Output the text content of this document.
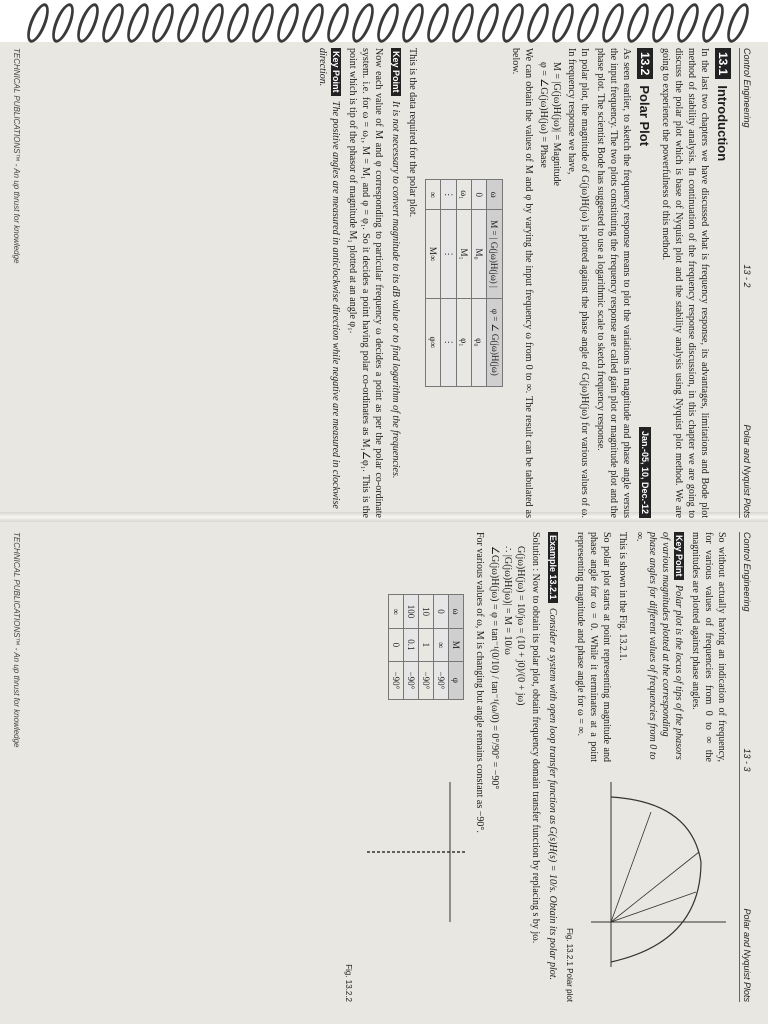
Control Engineering
13 - 2
Polar and Nyquist Plots
13.1
Introduction

In the last two chapters we have discussed what is frequency response, its advantages, limitations and Bode plot method of stability analysis. In continuation of the frequency response discussion, in this chapter we are going to discuss the polar plot which is base of Nyquist plot and the stability analysis using Nyquist plot method. We are going to experience the powerfulness of this method.

13.2
Polar Plot
Jan.-05, 10, Dec.-12

As seen earlier, to sketch the frequency response means to plot the variations in magnitude and phase angle versus the input frequency. The two plots constituting the frequency response are called gain plot or magnitude plot and the phase plot. The scientist Bode has suggested to use a logarithmic scale to sketch frequency response.

In polar plot, the magnitude of G(jω)H(jω) is plotted against the phase angle of G(jω)H(jω) for various values of ω. In frequency response we have,

M = |G(jω)H(jω)| = Magnitude
φ = ∠G(jω)H(jω) = Phase

We can obtain the values of M and φ by varying the input frequency ω from 0 to ∞. The result can be tabulated as below.

ω	M = | G(jω)H(jω) |	φ = ∠ G(jω)H(jω)
0	M₀	φ₀
ω₁	M₁	φ₁
⋮	⋮	⋮
∞	M∞	φ∞

This is the data required for the polar plot.

Key Point It is not necessary to convert magnitude to its dB value or to find logarithm of the frequencies.

Now each value of M and φ corresponding to particular frequency ω decides a point as per the polar co-ordinate system. i.e. for ω = ω₁, M = M₁ and φ = φ₁. So it decides a point having polar co-ordinates as M₁∠φ₁. This is the point which is tip of the phasor of magnitude M₁ plotted at an angle φ₁.

Key Point The positive angles are measured in anticlockwise direction while negative are measured in clockwise direction.
TECHNICAL PUBLICATIONS™ - An up thrust for knowledge
Control Engineering
13 - 3
Polar and Nyquist Plots

So without actually having an indication of frequency, for various values of frequencies from 0 to ∞ the magnitudes are plotted against phase angles.

Key Point Polar plot is the locus of tips of the phasors of various magnitudes plotted at the corresponding phase angles for different values of frequencies from 0 to ∞.

This is shown in the Fig. 13.2.1.

So polar plot starts at point representing magnitude and phase angle for ω = 0. While it terminates at a point representing magnitude and phase angle for ω = ∞.

Fig. 13.2.1 Polar plot
Example 13.2.1 Consider a system with open loop transfer function as G(s)H(s) = 10/s. Obtain its polar plot.

Solution : Now to obtain its polar plot, obtain frequency domain transfer function by replacing s by jω.

G(jω)H(jω) = 10/jω = (10 + j0)/(0 + jω)
∴ |G(jω)H(jω)| = M = 10/ω
∠G(jω)H(jω) = φ = tan⁻¹(0/10) / tan⁻¹(ω/0) = 0°/90° = −90°

For various values of ω, M is changing but angle remains constant as −90°.

ω	M	φ
0	∞	−90°
10	1	−90°
100	0.1	−90°
∞	0	−90°
Fig. 13.2.2
TECHNICAL PUBLICATIONS™ - An up thrust for knowledge
